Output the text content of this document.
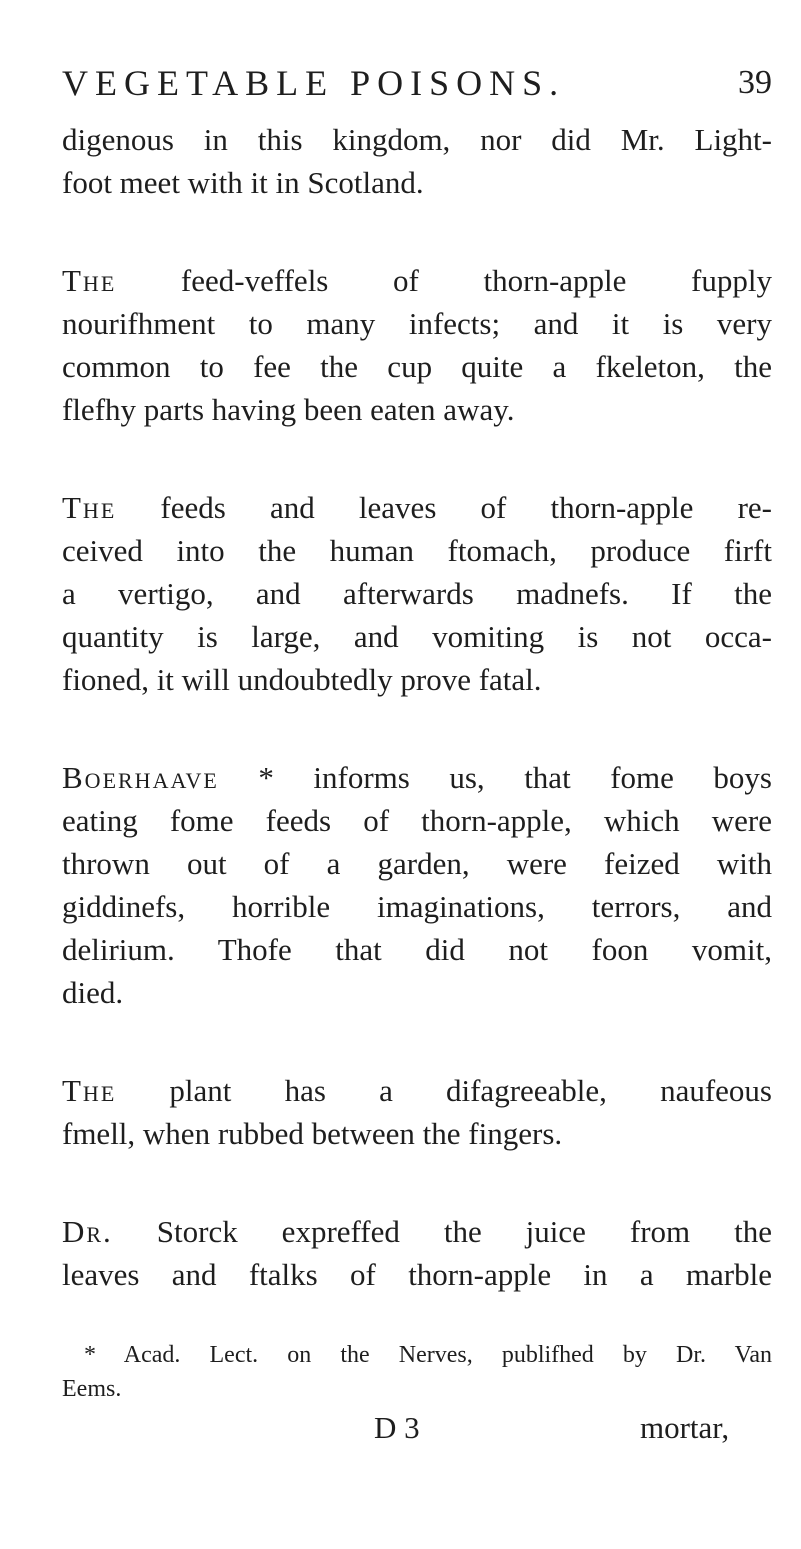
VEGETABLE POISONS.	39

digenous in this kingdom, nor did Mr. Light-
foot meet with it in Scotland.

The feed-veffels of thorn-apple fupply
nourifhment to many infects; and it is very
common to fee the cup quite a fkeleton, the
flefhy parts having been eaten away.

The feeds and leaves of thorn-apple re-
ceived into the human ftomach, produce firft
a vertigo, and afterwards madnefs. If the
quantity is large, and vomiting is not occa-
fioned, it will undoubtedly prove fatal.

Boerhaave * informs us, that fome boys
eating fome feeds of thorn-apple, which were
thrown out of a garden, were feized with
giddinefs, horrible imaginations, terrors, and
delirium. Thofe that did not foon vomit,
died.

The plant has a difagreeable, naufeous
fmell, when rubbed between the fingers.

Dr. Storck expreffed the juice from the
leaves and ftalks of thorn-apple in a marble

* Acad. Lect. on the Nerves, publifhed by Dr. Van
Eems.
D 3	mortar,
